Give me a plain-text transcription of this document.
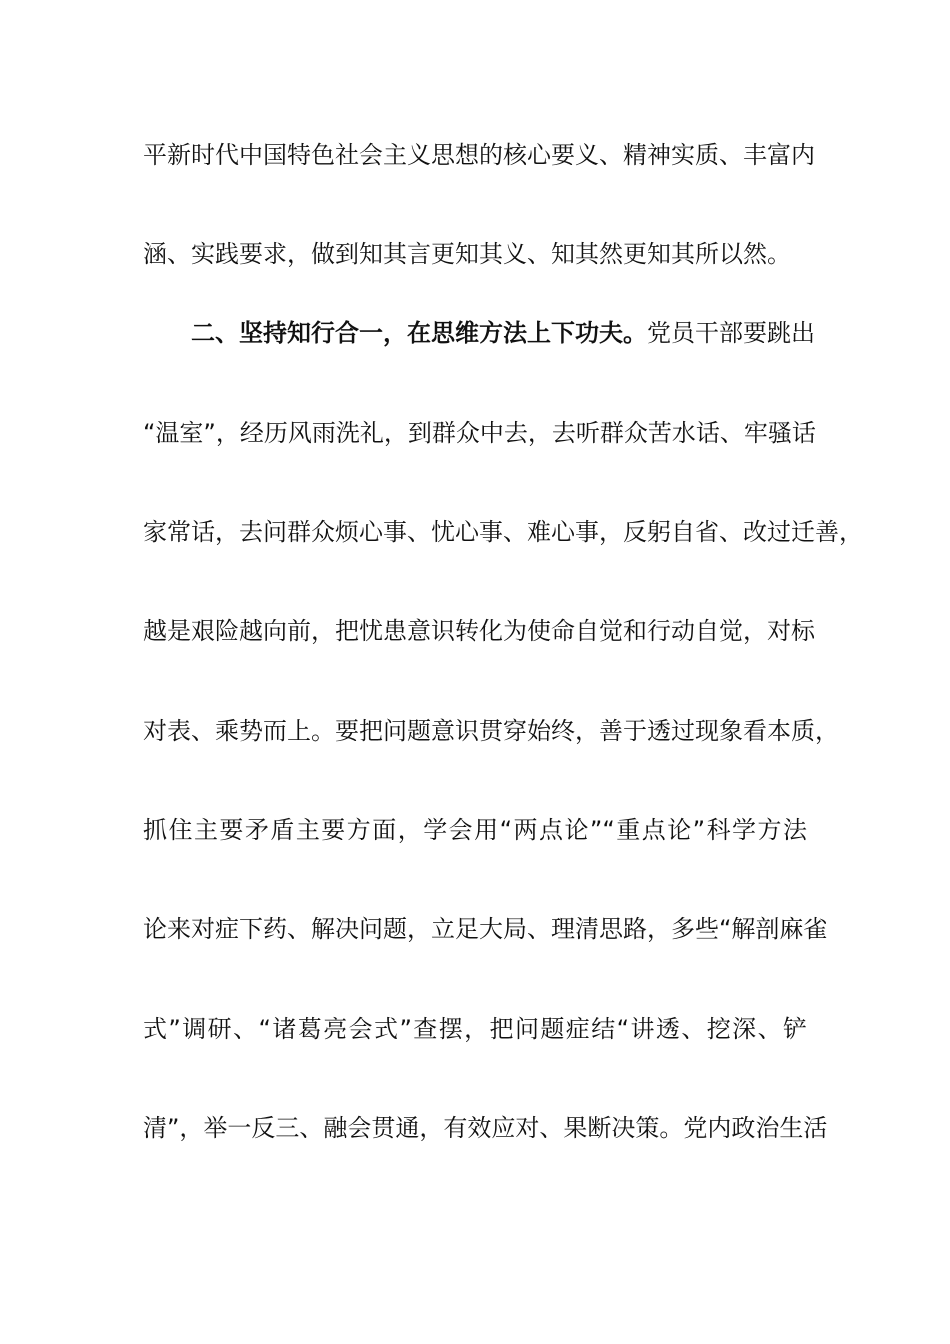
平新时代中国特色社会主义思想的核心要义、精神实质、丰富内
涵、实践要求，做到知其言更知其义、知其然更知其所以然。
二、坚持知行合一，在思维方法上下功夫。党员干部要跳出
“温室”，经历风雨洗礼，到群众中去，去听群众苦水话、牢骚话
家常话，去问群众烦心事、忧心事、难心事，反躬自省、改过迁善，
越是艰险越向前，把忧患意识转化为使命自觉和行动自觉，对标
对表、乘势而上。要把问题意识贯穿始终，善于透过现象看本质，
抓住主要矛盾主要方面，学会用“两点论”“重点论”科学方法
论来对症下药、解决问题，立足大局、理清思路，多些“解剖麻雀
式”调研、“诸葛亮会式”查摆，把问题症结“讲透、挖深、铲
清”，举一反三、融会贯通，有效应对、果断决策。党内政治生活
